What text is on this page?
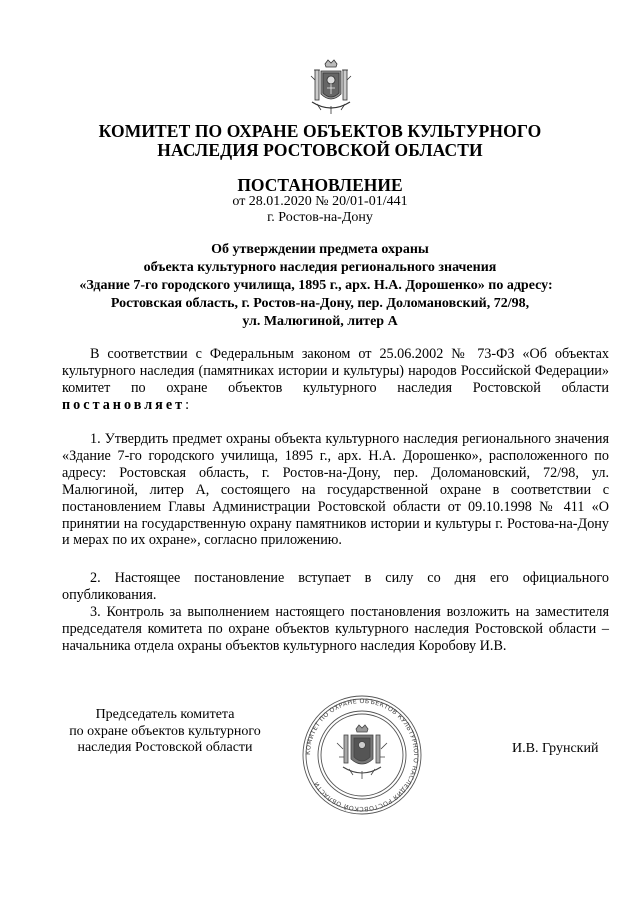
КОМИТЕТ ПО ОХРАНЕ ОБЪЕКТОВ КУЛЬТУРНОГО
НАСЛЕДИЯ РОСТОВСКОЙ ОБЛАСТИ
ПОСТАНОВЛЕНИЕ
от 28.01.2020 № 20/01-01/441
г. Ростов-на-Дону
Об утверждении предмета охраны
объекта культурного наследия регионального значения
«Здание 7-го городского училища, 1895 г., арх. Н.А. Дорошенко» по адресу:
Ростовская область, г. Ростов-на-Дону, пер. Доломановский, 72/98,
ул. Малюгиной, литер А
В соответствии с Федеральным законом от 25.06.2002 № 73-ФЗ «Об объектах культурного наследия (памятниках истории и культуры) народов Российской Федерации» комитет по охране объектов культурного наследия Ростовской области постановляет:
1. Утвердить предмет охраны объекта культурного наследия регионального значения «Здание 7-го городского училища, 1895 г., арх. Н.А. Дорошенко», расположенного по адресу: Ростовская область, г. Ростов-на-Дону, пер. Доломановский, 72/98, ул. Малюгиной, литер А, состоящего на государственной охране в соответствии с постановлением Главы Администрации Ростовской области от 09.10.1998 № 411 «О принятии на государственную охрану памятников истории и культуры г. Ростова-на-Дону и мерах по их охране», согласно приложению.
2. Настоящее постановление вступает в силу со дня его официального опубликования.
3. Контроль за выполнением настоящего постановления возложить на заместителя председателя комитета по охране объектов культурного наследия Ростовской области – начальника отдела охраны объектов культурного наследия Коробову И.В.
Председатель комитета
по охране объектов культурного
наследия Ростовской области	КОМИТЕТ ПО ОХРАНЕ ОБЪЕКТОВ КУЛЬТУРНОГО НАСЛЕДИЯ РОСТОВСКОЙ ОБЛАСТИ
И.В. Грунский
